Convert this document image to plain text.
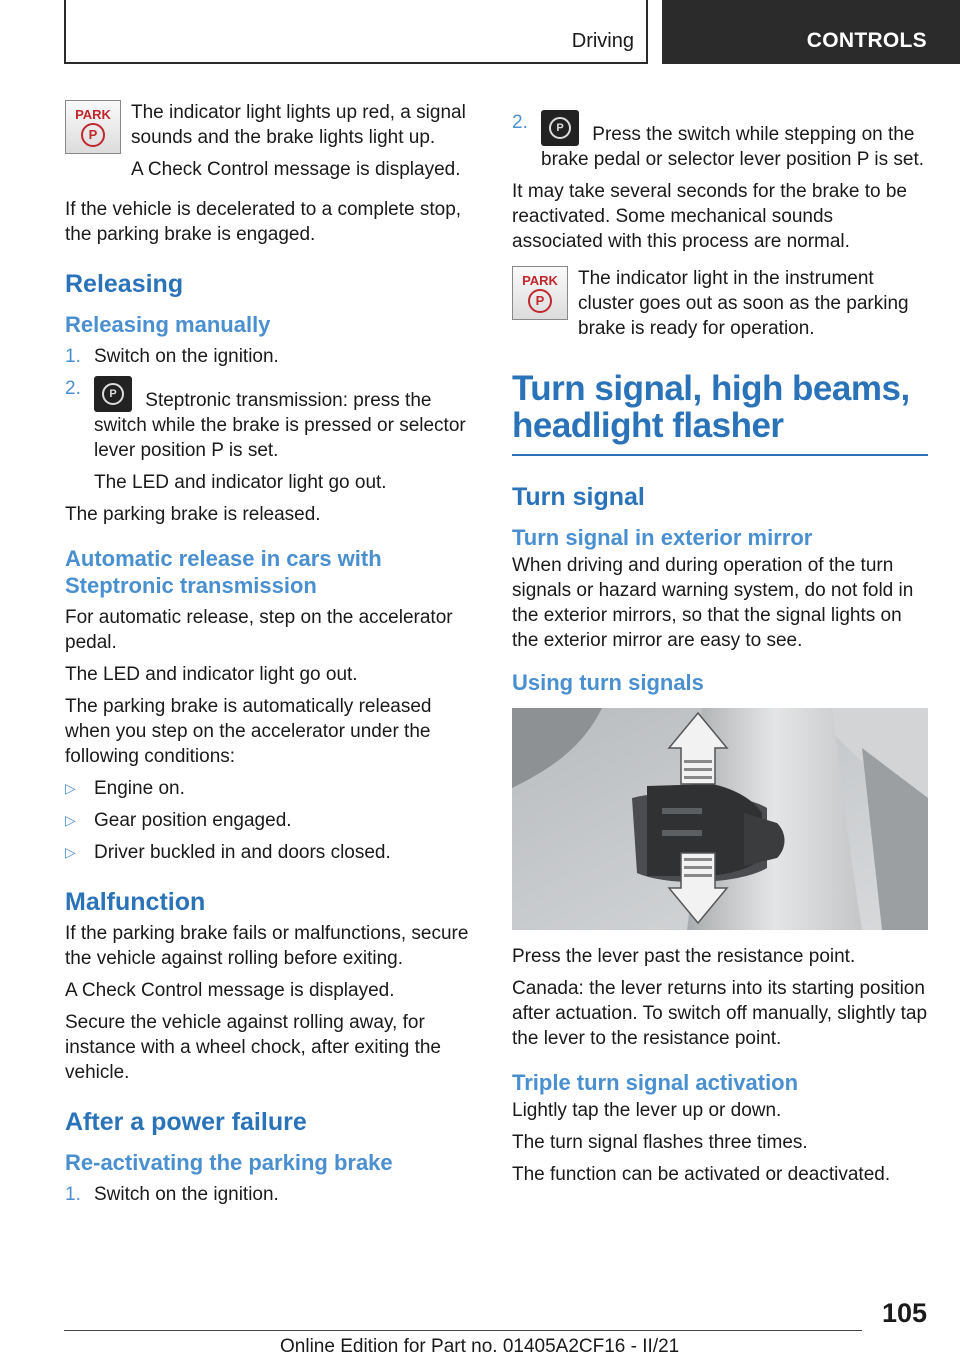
Driving	CONTROLS
PARK
P

The indicator light lights up red, a signal sounds and the brake lights light up.

A Check Control message is displayed.

If the vehicle is decelerated to a complete stop, the parking brake is engaged.

Releasing
Releasing manually
1. Switch on the ignition.
2.	P	Steptronic transmission: press the switch while the brake is pressed or selector lever position P is set.

The LED and indicator light go out.

The parking brake is released.

Automatic release in cars with Steptronic transmission

For automatic release, step on the accelerator pedal.

The LED and indicator light go out.

The parking brake is automatically released when you step on the accelerator under the following conditions:

▷ Engine on.
▷ Gear position engaged.
▷ Driver buckled in and doors closed.
Malfunction

If the parking brake fails or malfunctions, secure the vehicle against rolling before exiting.

A Check Control message is displayed.

Secure the vehicle against rolling away, for instance with a wheel chock, after exiting the vehicle.

After a power failure
Re-activating the parking brake
1. Switch on the ignition.
2.	P	Press the switch while stepping on the brake pedal or selector lever position P is set.

It may take several seconds for the brake to be reactivated. Some mechanical sounds associated with this process are normal.

PARK
P

The indicator light in the instrument cluster goes out as soon as the parking brake is ready for operation.

Turn signal, high beams, headlight flasher
Turn signal
Turn signal in exterior mirror

When driving and during operation of the turn signals or hazard warning system, do not fold in the exterior mirrors, so that the signal lights on the exterior mirror are easy to see.

Using turn signals

Press the lever past the resistance point.

Canada: the lever returns into its starting position after actuation. To switch off manually, slightly tap the lever to the resistance point.

Triple turn signal activation

Lightly tap the lever up or down.

The turn signal flashes three times.

The function can be activated or deactivated.

105
Online Edition for Part no. 01405A2CF16 - II/21
